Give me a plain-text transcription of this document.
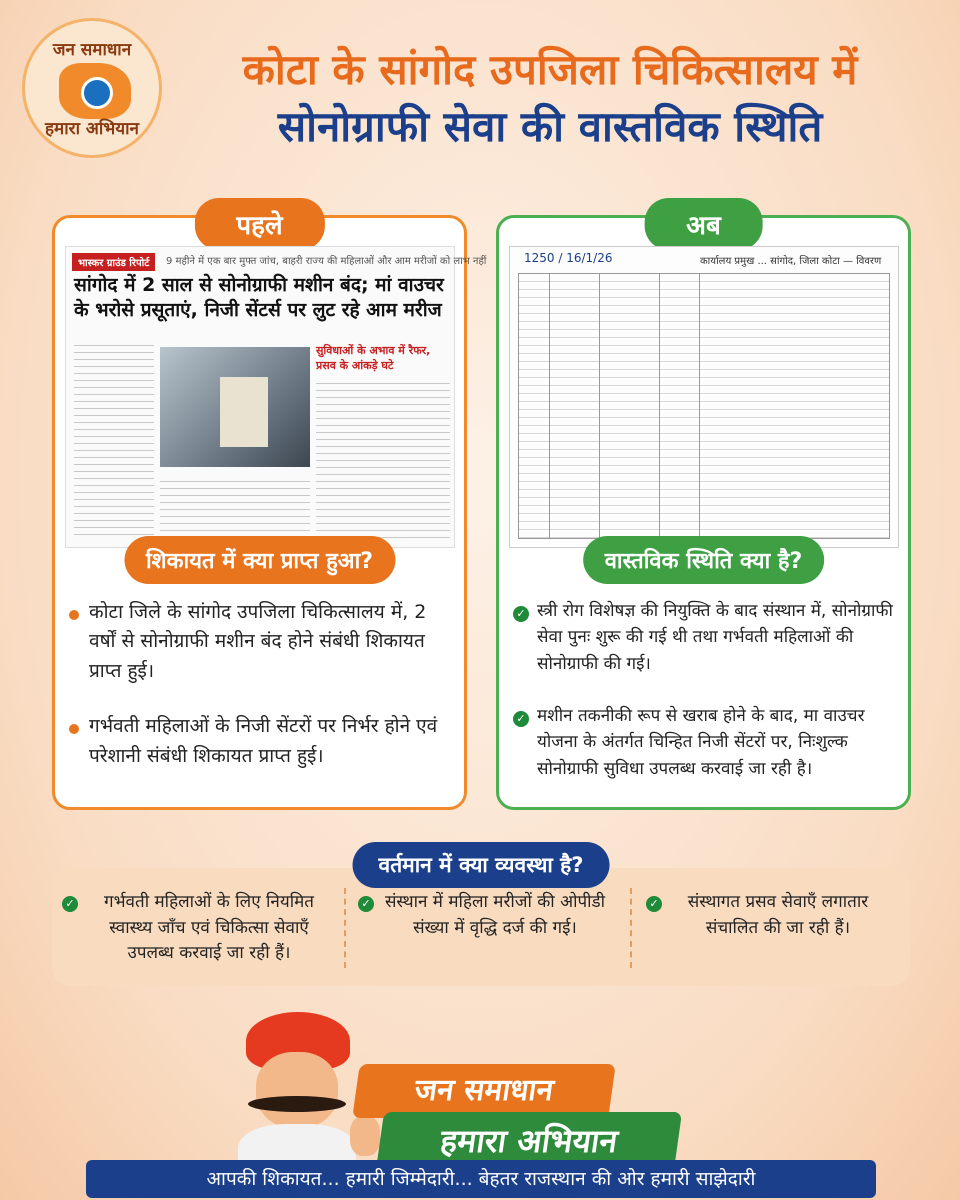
जन समाधान
हमारा अभियान
कोटा के सांगोद उपजिला चिकित्सालय में
सोनोग्राफी सेवा की वास्तविक स्थिति
पहले
भास्कर ग्राउंड रिपोर्ट	9 महीने में एक बार मुफ्त जांच, बाहरी राज्य की महिलाओं और आम मरीजों को लाभ नहीं
सांगोद में 2 साल से सोनोग्राफी मशीन बंद; मां वाउचर के भरोसे प्रसूताएं, निजी सेंटर्स पर लुट रहे आम मरीज
सुविधाओं के अभाव में रैफर, प्रसव के आंकड़े घटे
शिकायत में क्या प्राप्त हुआ?
कोटा जिले के सांगोद उपजिला चिकित्सालय में, 2 वर्षों से सोनोग्राफी मशीन बंद होने संबंधी शिकायत प्राप्त हुई।
गर्भवती महिलाओं के निजी सेंटरों पर निर्भर होने एवं परेशानी संबंधी शिकायत प्राप्त हुई।
अब
1250 / 16/1/26	कार्यालय प्रमुख ... सांगोद, जिला कोटा — विवरण
वास्तविक स्थिति क्या है?
✓ स्त्री रोग विशेषज्ञ की नियुक्ति के बाद संस्थान में, सोनोग्राफी सेवा पुनः शुरू की गई थी तथा गर्भवती महिलाओं की सोनोग्राफी की गई।
✓ मशीन तकनीकी रूप से खराब होने के बाद, मा वाउचर योजना के अंतर्गत चिन्हित निजी सेंटरों पर, निःशुल्क सोनोग्राफी सुविधा उपलब्ध करवाई जा रही है।
वर्तमान में क्या व्यवस्था है?
✓	गर्भवती महिलाओं के लिए नियमित स्वास्थ्य जाँच एवं चिकित्सा सेवाएँ उपलब्ध करवाई जा रही हैं।
✓ संस्थान में महिला मरीजों की ओपीडी संख्या में वृद्धि दर्ज की गई।
✓	संस्थागत प्रसव सेवाएँ लगातार संचालित की जा रही हैं।
जन समाधान
हमारा अभियान
आपकी शिकायत... हमारी जिम्मेदारी... बेहतर राजस्थान की ओर हमारी साझेदारी
